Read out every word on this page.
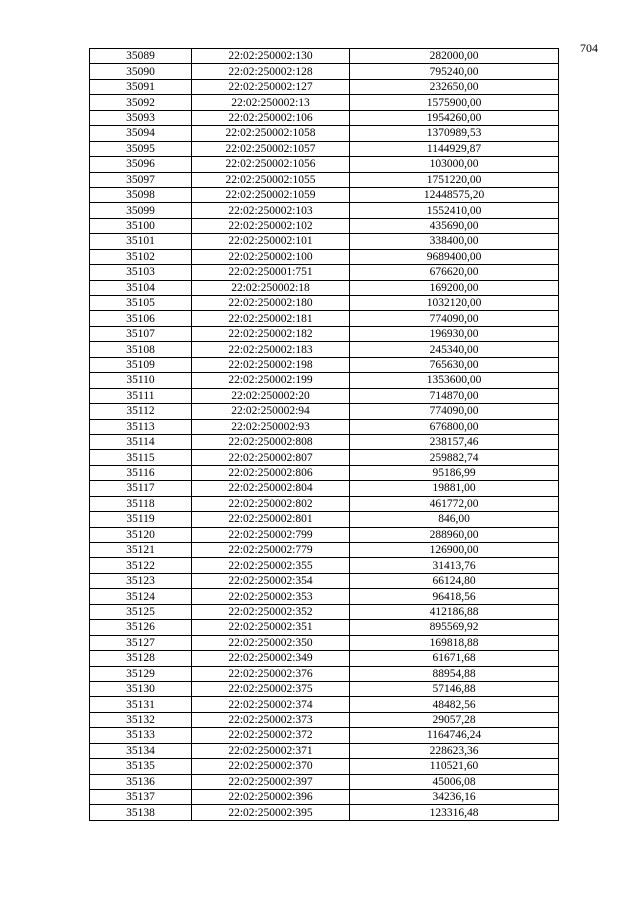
704
35089	22:02:250002:130	282000,00
35090	22:02:250002:128	795240,00
35091	22:02:250002:127	232650,00
35092	22:02:250002:13	1575900,00
35093	22:02:250002:106	1954260,00
35094	22:02:250002:1058	1370989,53
35095	22:02:250002:1057	1144929,87
35096	22:02:250002:1056	103000,00
35097	22:02:250002:1055	1751220,00
35098	22:02:250002:1059	12448575,20
35099	22:02:250002:103	1552410,00
35100	22:02:250002:102	435690,00
35101	22:02:250002:101	338400,00
35102	22:02:250002:100	9689400,00
35103	22:02:250001:751	676620,00
35104	22:02:250002:18	169200,00
35105	22:02:250002:180	1032120,00
35106	22:02:250002:181	774090,00
35107	22:02:250002:182	196930,00
35108	22:02:250002:183	245340,00
35109	22:02:250002:198	765630,00
35110	22:02:250002:199	1353600,00
35111	22:02:250002:20	714870,00
35112	22:02:250002:94	774090,00
35113	22:02:250002:93	676800,00
35114	22:02:250002:808	238157,46
35115	22:02:250002:807	259882,74
35116	22:02:250002:806	95186,99
35117	22:02:250002:804	19881,00
35118	22:02:250002:802	461772,00
35119	22:02:250002:801	846,00
35120	22:02:250002:799	288960,00
35121	22:02:250002:779	126900,00
35122	22:02:250002:355	31413,76
35123	22:02:250002:354	66124,80
35124	22:02:250002:353	96418,56
35125	22:02:250002:352	412186,88
35126	22:02:250002:351	895569,92
35127	22:02:250002:350	169818,88
35128	22:02:250002:349	61671,68
35129	22:02:250002:376	88954,88
35130	22:02:250002:375	57146,88
35131	22:02:250002:374	48482,56
35132	22:02:250002:373	29057,28
35133	22:02:250002:372	1164746,24
35134	22:02:250002:371	228623,36
35135	22:02:250002:370	110521,60
35136	22:02:250002:397	45006,08
35137	22:02:250002:396	34236,16
35138	22:02:250002:395	123316,48
